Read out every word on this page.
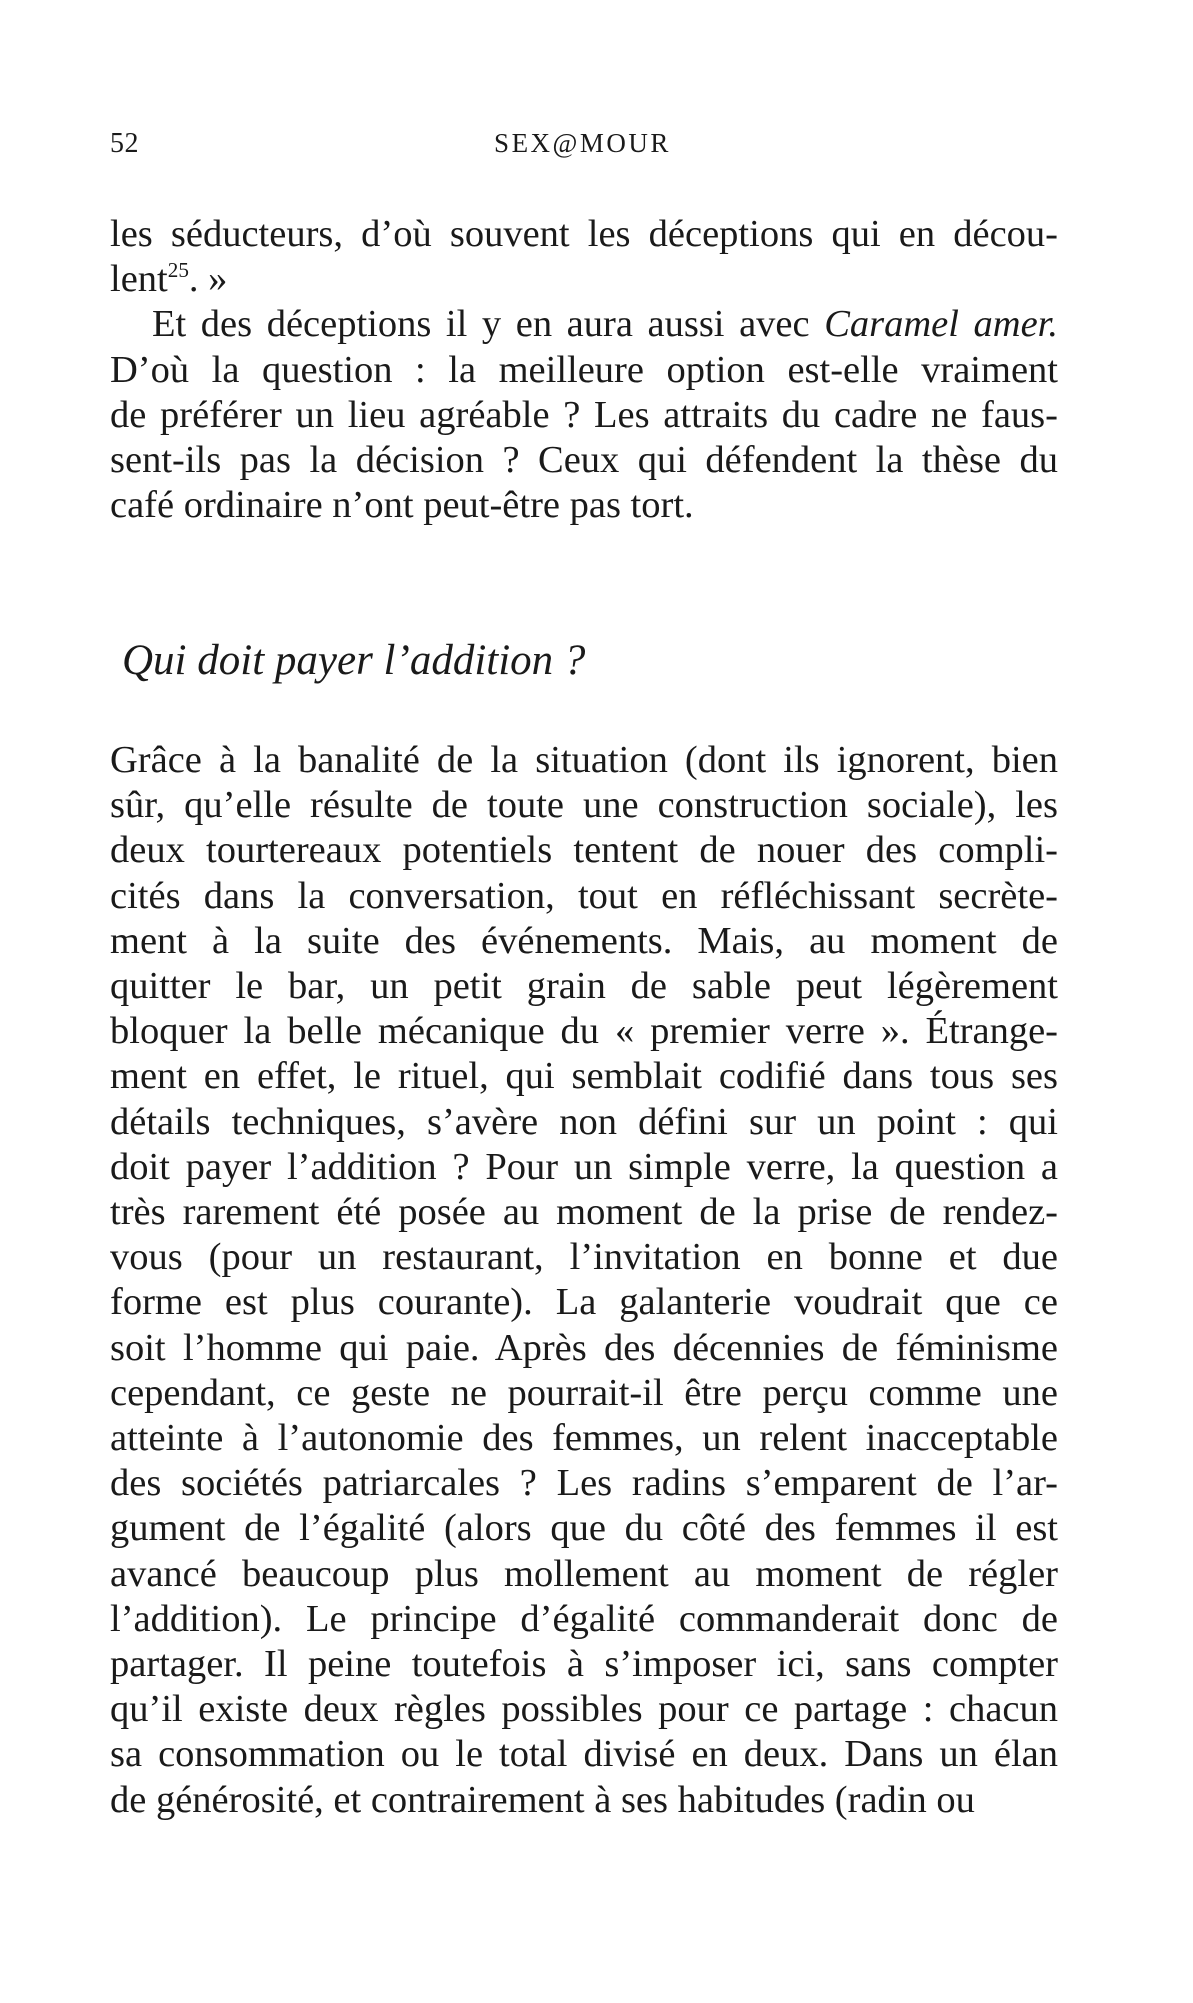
52	SEX@MOUR

les séducteurs, d’où souvent les déceptions qui en décou-
lent$^{25}$. »

Et des déceptions il y en aura aussi avec Caramel amer.
D’où la question : la meilleure option est-elle vraiment
de préférer un lieu agréable ? Les attraits du cadre ne faus-
sent-ils pas la décision ? Ceux qui défendent la thèse du
café ordinaire n’ont peut-être pas tort.

Qui doit payer l’addition ?

Grâce à la banalité de la situation (dont ils ignorent, bien
sûr, qu’elle résulte de toute une construction sociale), les
deux tourtereaux potentiels tentent de nouer des compli-
cités dans la conversation, tout en réfléchissant secrète-
ment à la suite des événements. Mais, au moment de
quitter le bar, un petit grain de sable peut légèrement
bloquer la belle mécanique du « premier verre ». Étrange-
ment en effet, le rituel, qui semblait codifié dans tous ses
détails techniques, s’avère non défini sur un point : qui
doit payer l’addition ? Pour un simple verre, la question a
très rarement été posée au moment de la prise de rendez-
vous (pour un restaurant, l’invitation en bonne et due
forme est plus courante). La galanterie voudrait que ce
soit l’homme qui paie. Après des décennies de féminisme
cependant, ce geste ne pourrait-il être perçu comme une
atteinte à l’autonomie des femmes, un relent inacceptable
des sociétés patriarcales ? Les radins s’emparent de l’ar-
gument de l’égalité (alors que du côté des femmes il est
avancé beaucoup plus mollement au moment de régler
l’addition). Le principe d’égalité commanderait donc de
partager. Il peine toutefois à s’imposer ici, sans compter
qu’il existe deux règles possibles pour ce partage : chacun
sa consommation ou le total divisé en deux. Dans un élan
de générosité, et contrairement à ses habitudes (radin ou
